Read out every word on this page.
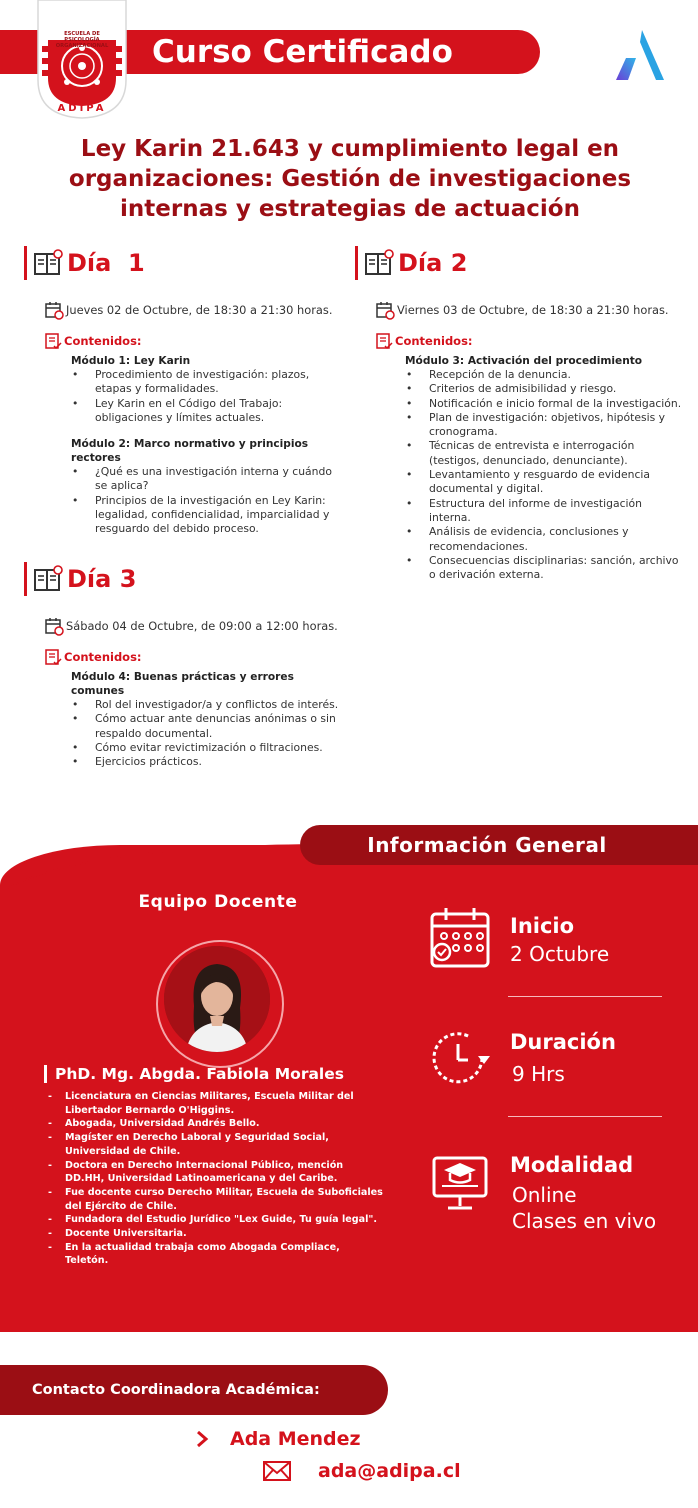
Curso Certificado
ADIPA
ESCUELA DE PSICOLOGÍA ORGANIZACIONAL
Ley Karin 21.643 y cumplimiento legal en organizaciones: Gestión de investigaciones internas y estrategias de actuación
Día  1
Jueves 02 de Octubre, de 18:30 a 21:30 horas.
Contenidos:
Módulo 1: Ley Karin
• Procedimiento de investigación: plazos, etapas y formalidades.
• Ley Karin en el Código del Trabajo: obligaciones y límites actuales.
Módulo 2: Marco normativo y principios rectores
• ¿Qué es una investigación interna y cuándo se aplica?
• Principios de la investigación en Ley Karin: legalidad, confidencialidad, imparcialidad y resguardo del debido proceso.
Día 2
Viernes 03 de Octubre, de 18:30 a 21:30 horas.
Contenidos:
Módulo 3: Activación del procedimiento
• Recepción de la denuncia.
• Criterios de admisibilidad y riesgo.
• Notificación e inicio formal de la investigación.
• Plan de investigación: objetivos, hipótesis y cronograma.
• Técnicas de entrevista e interrogación (testigos, denunciado, denunciante).
• Levantamiento y resguardo de evidencia documental y digital.
• Estructura del informe de investigación interna.
• Análisis de evidencia, conclusiones y recomendaciones.
• Consecuencias disciplinarias: sanción, archivo o derivación externa.
Día 3
Sábado 04 de Octubre, de 09:00 a 12:00 horas.
Contenidos:
Módulo 4: Buenas prácticas y errores comunes
• Rol del investigador/a y conflictos de interés.
• Cómo actuar ante denuncias anónimas o sin respaldo documental.
• Cómo evitar revictimización o filtraciones.
• Ejercicios prácticos.
Información General
Equipo Docente
PhD. Mg. Abgda. Fabiola Morales
- Licenciatura en Ciencias Militares, Escuela Militar del Libertador Bernardo O'Higgins.
- Abogada, Universidad Andrés Bello.
- Magíster en Derecho Laboral y Seguridad Social, Universidad de Chile.
- Doctora en Derecho Internacional Público, mención DD.HH, Universidad Latinoamericana y del Caribe.
- Fue docente curso Derecho Militar, Escuela de Suboficiales del Ejército de Chile.
- Fundadora del Estudio Jurídico "Lex Guide, Tu guía legal".
- Docente Universitaria.
- En la actualidad trabaja como Abogada Compliace, Teletón.
Inicio
2 Octubre
Duración
9 Hrs
Modalidad
Online
Clases en vivo
Contacto Coordinadora Académica:
Ada Mendez
ada@adipa.cl
